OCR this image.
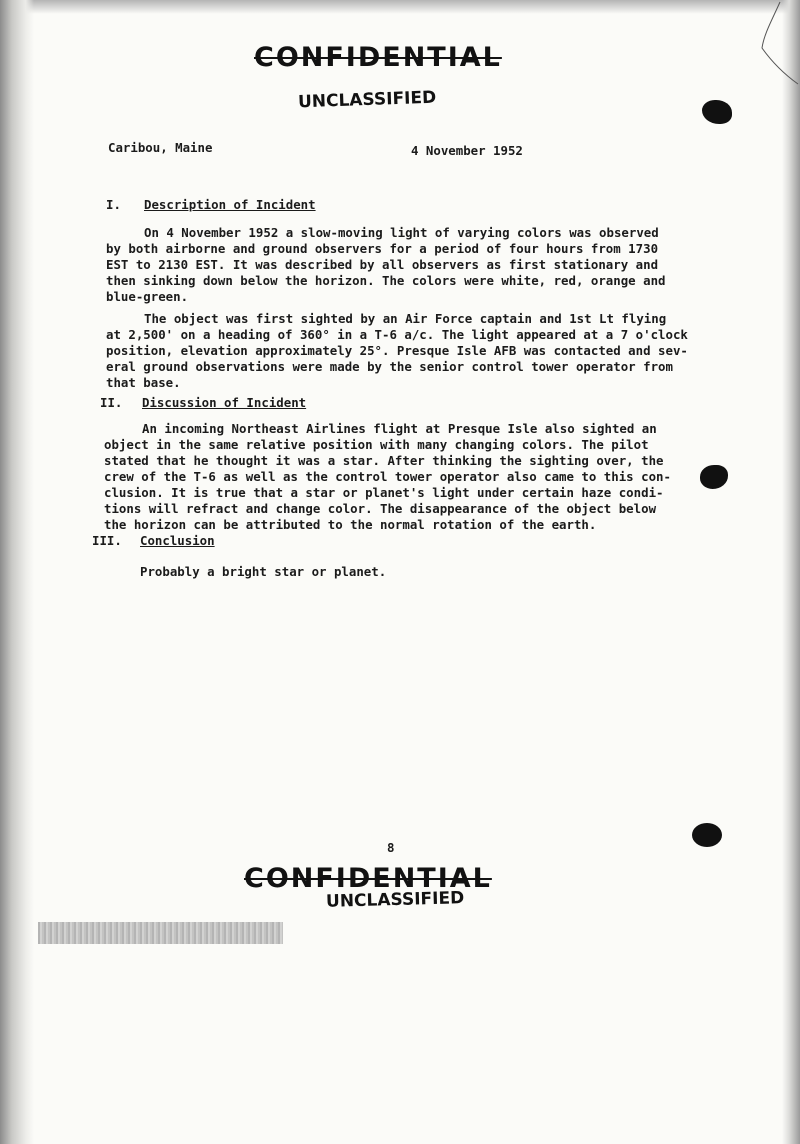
CONFIDENTIAL
UNCLASSIFIED
Caribou, Maine	4 November 1952
I. Description of Incident
On 4 November 1952 a slow-moving light of varying colors was observed
by both airborne and ground observers for a period of four hours from 1730
EST to 2130 EST. It was described by all observers as first stationary and
then sinking down below the horizon. The colors were white, red, orange and
blue-green.
The object was first sighted by an Air Force captain and 1st Lt flying
at 2,500' on a heading of 360° in a T-6 a/c. The light appeared at a 7 o'clock
position, elevation approximately 25°. Presque Isle AFB was contacted and sev-
eral ground observations were made by the senior control tower operator from
that base.
II. Discussion of Incident
An incoming Northeast Airlines flight at Presque Isle also sighted an
object in the same relative position with many changing colors. The pilot
stated that he thought it was a star. After thinking the sighting over, the
crew of the T-6 as well as the control tower operator also came to this con-
clusion. It is true that a star or planet's light under certain haze condi-
tions will refract and change color. The disappearance of the object below
the horizon can be attributed to the normal rotation of the earth.
III. Conclusion
Probably a bright star or planet.
8
CONFIDENTIAL
UNCLASSIFIED
